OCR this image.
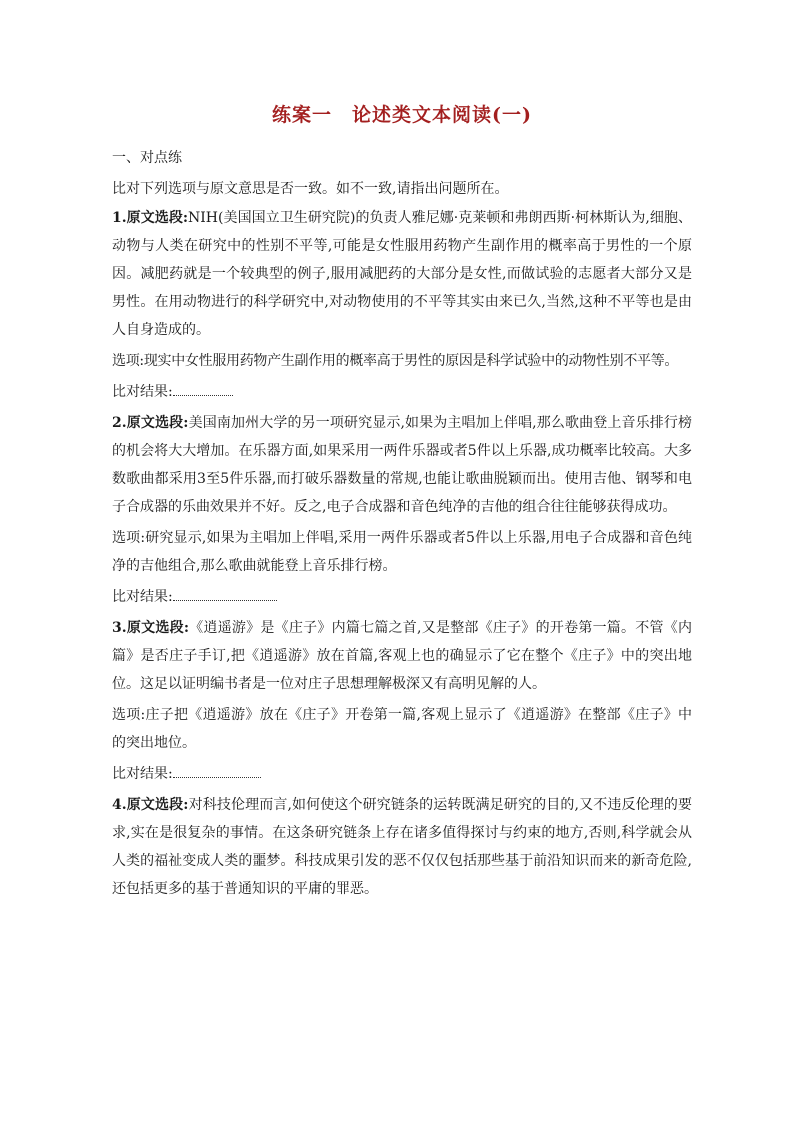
练案一　论述类文本阅读(一)
一、对点练
比对下列选项与原文意思是否一致。如不一致,请指出问题所在。
1.原文选段:NIH(美国国立卫生研究院)的负责人雅尼娜·克莱顿和弗朗西斯·柯林斯认为,细胞、动物与人类在研究中的性别不平等,可能是女性服用药物产生副作用的概率高于男性的一个原因。减肥药就是一个较典型的例子,服用减肥药的大部分是女性,而做试验的志愿者大部分又是男性。在用动物进行的科学研究中,对动物使用的不平等其实由来已久,当然,这种不平等也是由人自身造成的。
选项:现实中女性服用药物产生副作用的概率高于男性的原因是科学试验中的动物性别不平等。
比对结果:
2.原文选段:美国南加州大学的另一项研究显示,如果为主唱加上伴唱,那么歌曲登上音乐排行榜的机会将大大增加。在乐器方面,如果采用一两件乐器或者5件以上乐器,成功概率比较高。大多数歌曲都采用3至5件乐器,而打破乐器数量的常规,也能让歌曲脱颖而出。使用吉他、钢琴和电子合成器的乐曲效果并不好。反之,电子合成器和音色纯净的吉他的组合往往能够获得成功。
选项:研究显示,如果为主唱加上伴唱,采用一两件乐器或者5件以上乐器,用电子合成器和音色纯净的吉他组合,那么歌曲就能登上音乐排行榜。
比对结果:
3.原文选段:《逍遥游》是《庄子》内篇七篇之首,又是整部《庄子》的开卷第一篇。不管《内篇》是否庄子手订,把《逍遥游》放在首篇,客观上也的确显示了它在整个《庄子》中的突出地位。这足以证明编书者是一位对庄子思想理解极深又有高明见解的人。
选项:庄子把《逍遥游》放在《庄子》开卷第一篇,客观上显示了《逍遥游》在整部《庄子》中的突出地位。
比对结果:
4.原文选段:对科技伦理而言,如何使这个研究链条的运转既满足研究的目的,又不违反伦理的要求,实在是很复杂的事情。在这条研究链条上存在诸多值得探讨与约束的地方,否则,科学就会从人类的福祉变成人类的噩梦。科技成果引发的恶不仅仅包括那些基于前沿知识而来的新奇危险,还包括更多的基于普通知识的平庸的罪恶。
